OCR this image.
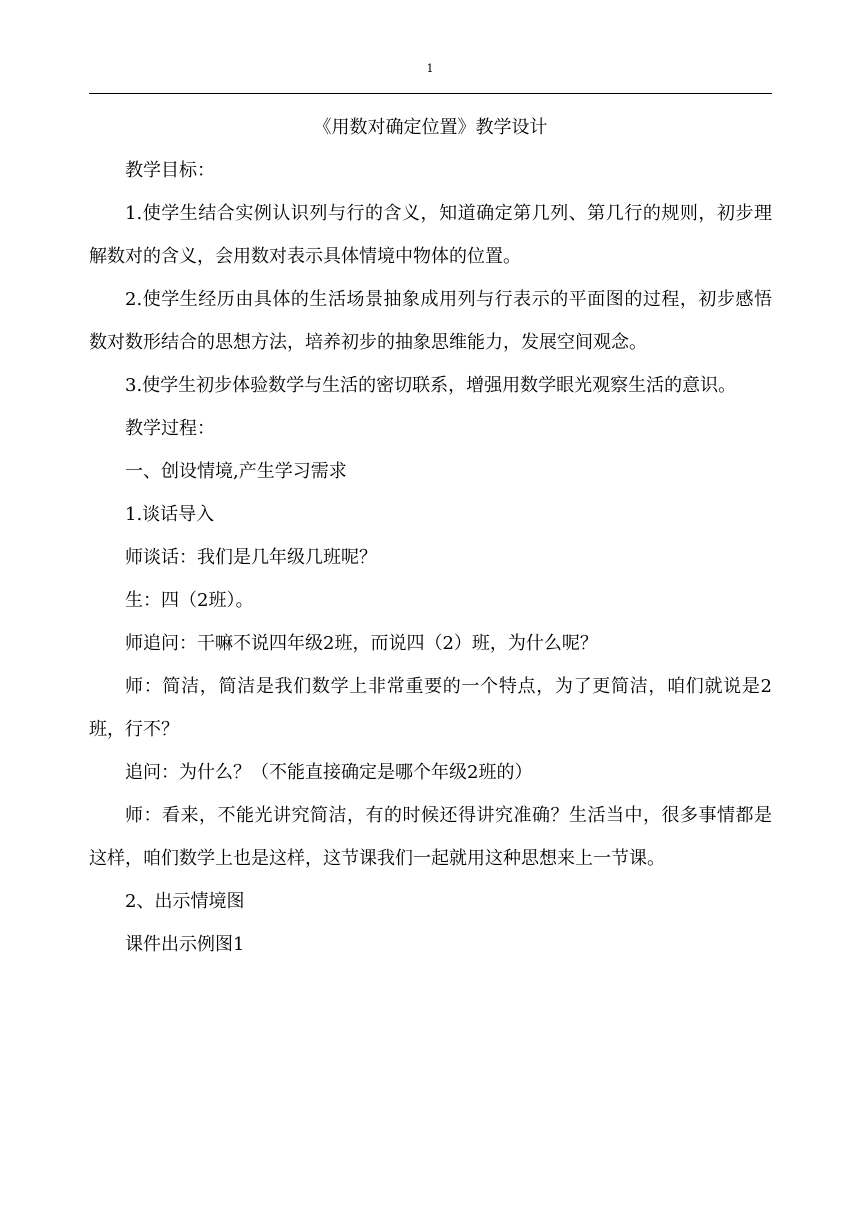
1

《用数对确定位置》教学设计

教学目标：

1.使学生结合实例认识列与行的含义，知道确定第几列、第几行的规则，初步理解数对的含义，会用数对表示具体情境中物体的位置。

2.使学生经历由具体的生活场景抽象成用列与行表示的平面图的过程，初步感悟数对数形结合的思想方法，培养初步的抽象思维能力，发展空间观念。

3.使学生初步体验数学与生活的密切联系，增强用数学眼光观察生活的意识。

教学过程：

一、创设情境,产生学习需求

1.谈话导入

师谈话：我们是几年级几班呢？

生：四（2班）。

师追问：干嘛不说四年级2班，而说四（2）班，为什么呢？

师：简洁，简洁是我们数学上非常重要的一个特点，为了更简洁，咱们就说是2班，行不？

追问：为什么？（不能直接确定是哪个年级2班的）

师：看来，不能光讲究简洁，有的时候还得讲究准确？生活当中，很多事情都是这样，咱们数学上也是这样，这节课我们一起就用这种思想来上一节课。

2、出示情境图

课件出示例图1
